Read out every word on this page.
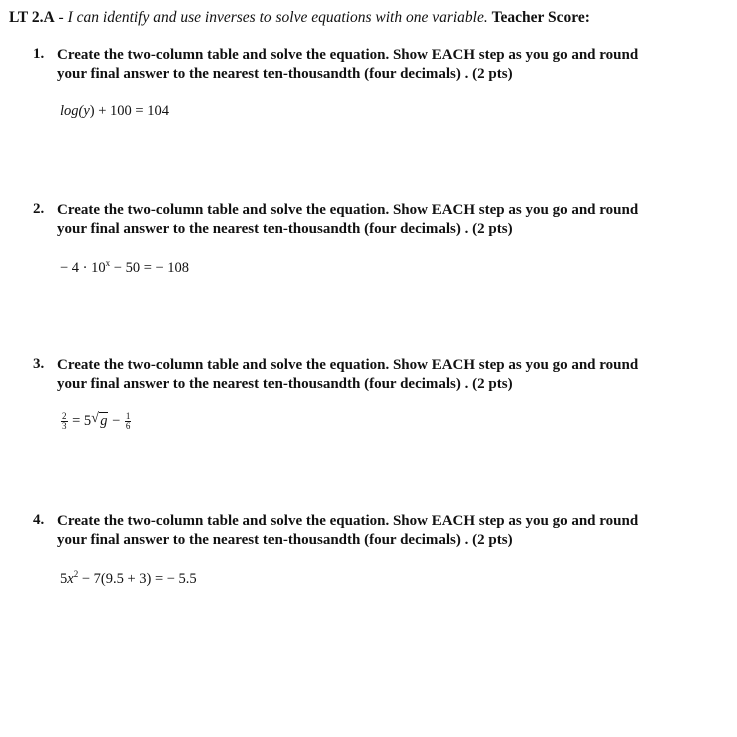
LT 2.A - I can identify and use inverses to solve equations with one variable. Teacher Score:
1. Create the two-column table and solve the equation. Show EACH step as you go and round
your final answer to the nearest ten-thousandth (four decimals) . (2 pts)
log(y) + 100 = 104
2. Create the two-column table and solve the equation. Show EACH step as you go and round
your final answer to the nearest ten-thousandth (four decimals) . (2 pts)
− $4 \cdot 10^x - 50$ = − 108
3. Create the two-column table and solve the equation. Show EACH step as you go and round
your final answer to the nearest ten-thousandth (four decimals) . (2 pts)
$\frac{2}{3} = 5$ √ $g - \frac{1}{6}$
4. Create the two-column table and solve the equation. Show EACH step as you go and round
your final answer to the nearest ten-thousandth (four decimals) . (2 pts)
$5x^2 - 7(9.5 + 3)$ = − 5.5
